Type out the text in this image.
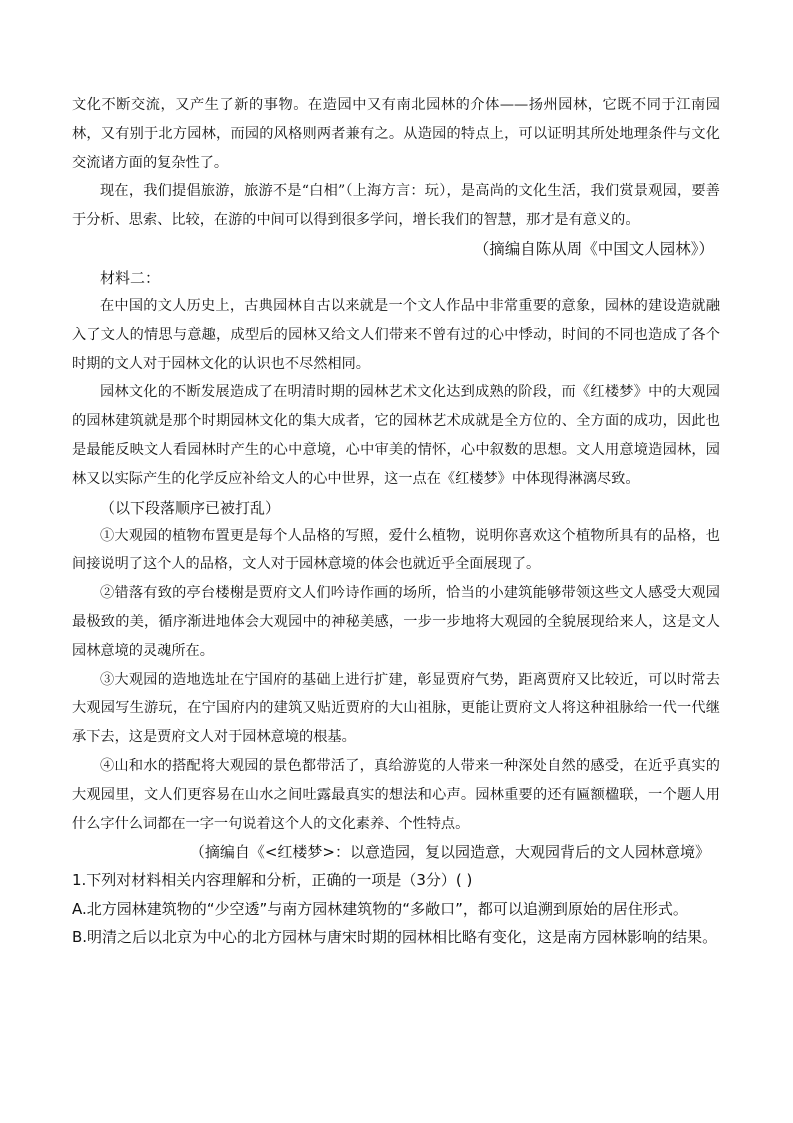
文化不断交流，又产生了新的事物。在造园中又有南北园林的介体——扬州园林，它既不同于江南园林，又有别于北方园林，而园的风格则两者兼有之。从造园的特点上，可以证明其所处地理条件与文化交流诸方面的复杂性了。

现在，我们提倡旅游，旅游不是“白相”（上海方言：玩），是高尚的文化生活，我们赏景观园，要善于分析、思索、比较，在游的中间可以得到很多学问，增长我们的智慧，那才是有意义的。

（摘编自陈从周《中国文人园林》）

材料二：

在中国的文人历史上，古典园林自古以来就是一个文人作品中非常重要的意象，园林的建设造就融入了文人的情思与意趣，成型后的园林又给文人们带来不曾有过的心中悸动，时间的不同也造成了各个时期的文人对于园林文化的认识也不尽然相同。

园林文化的不断发展造成了在明清时期的园林艺术文化达到成熟的阶段，而《红楼梦》中的大观园的园林建筑就是那个时期园林文化的集大成者，它的园林艺术成就是全方位的、全方面的成功，因此也是最能反映文人看园林时产生的心中意境，心中审美的情怀，心中叙数的思想。文人用意境造园林，园林又以实际产生的化学反应补给文人的心中世界，这一点在《红楼梦》中体现得淋漓尽致。

（以下段落顺序已被打乱）

①大观园的植物布置更是每个人品格的写照，爱什么植物，说明你喜欢这个植物所具有的品格，也间接说明了这个人的品格，文人对于园林意境的体会也就近乎全面展现了。

②错落有致的亭台楼榭是贾府文人们吟诗作画的场所，恰当的小建筑能够带领这些文人感受大观园最极致的美，循序渐进地体会大观园中的神秘美感，一步一步地将大观园的全貌展现给来人，这是文人园林意境的灵魂所在。

③大观园的造地选址在宁国府的基础上进行扩建，彰显贾府气势，距离贾府又比较近，可以时常去大观园写生游玩，在宁国府内的建筑又贴近贾府的大山祖脉，更能让贾府文人将这种祖脉给一代一代继承下去，这是贾府文人对于园林意境的根基。

④山和水的搭配将大观园的景色都带活了，真给游览的人带来一种深处自然的感受，在近乎真实的大观园里，文人们更容易在山水之间吐露最真实的想法和心声。园林重要的还有匾额楹联，一个题人用什么字什么词都在一字一句说着这个人的文化素养、个性特点。

（摘编自《<红楼梦>：以意造园，复以园造意，大观园背后的文人园林意境》

1.下列对材料相关内容理解和分析，正确的一项是（3分）( )

A.北方园林建筑物的“少空透”与南方园林建筑物的“多敞口”，都可以追溯到原始的居住形式。

B.明清之后以北京为中心的北方园林与唐宋时期的园林相比略有变化，这是南方园林影响的结果。
